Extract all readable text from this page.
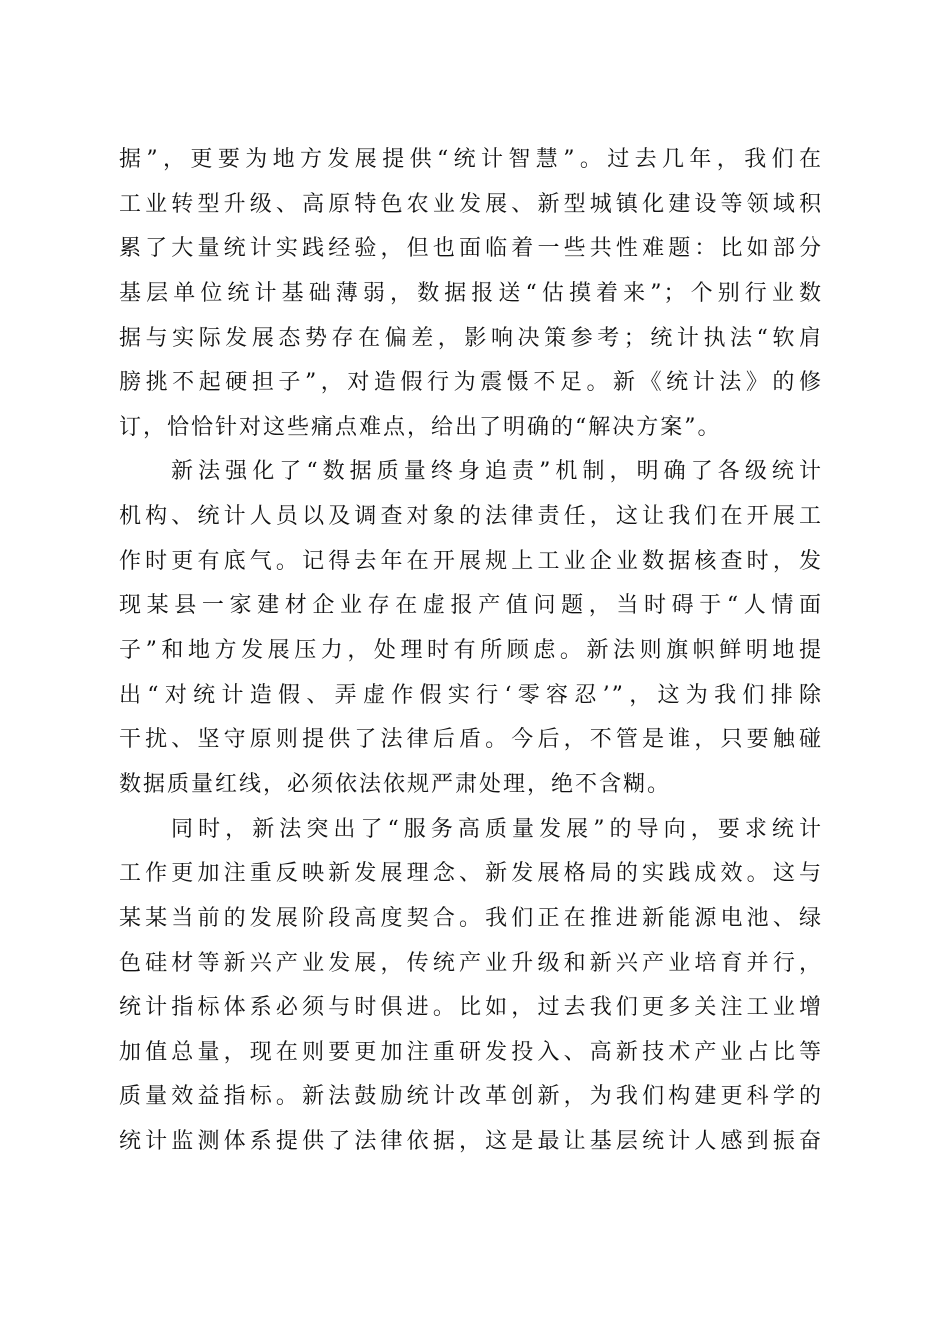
据”，更要为地方发展提供“统计智慧”。过去几年，我们在
工业转型升级、高原特色农业发展、新型城镇化建设等领域积
累了大量统计实践经验，但也面临着一些共性难题：比如部分
基层单位统计基础薄弱，数据报送“估摸着来”；个别行业数
据与实际发展态势存在偏差，影响决策参考；统计执法“软肩
膀挑不起硬担子”，对造假行为震慑不足。新《统计法》的修
订，恰恰针对这些痛点难点，给出了明确的“解决方案”。
新法强化了“数据质量终身追责”机制，明确了各级统计
机构、统计人员以及调查对象的法律责任，这让我们在开展工
作时更有底气。记得去年在开展规上工业企业数据核查时，发
现某县一家建材企业存在虚报产值问题，当时碍于“人情面
子”和地方发展压力，处理时有所顾虑。新法则旗帜鲜明地提
出“对统计造假、弄虚作假实行‘零容忍’”，这为我们排除
干扰、坚守原则提供了法律后盾。今后，不管是谁，只要触碰
数据质量红线，必须依法依规严肃处理，绝不含糊。
同时，新法突出了“服务高质量发展”的导向，要求统计
工作更加注重反映新发展理念、新发展格局的实践成效。这与
某某当前的发展阶段高度契合。我们正在推进新能源电池、绿
色硅材等新兴产业发展，传统产业升级和新兴产业培育并行，
统计指标体系必须与时俱进。比如，过去我们更多关注工业增
加值总量，现在则要更加注重研发投入、高新技术产业占比等
质量效益指标。新法鼓励统计改革创新，为我们构建更科学的
统计监测体系提供了法律依据，这是最让基层统计人感到振奋
